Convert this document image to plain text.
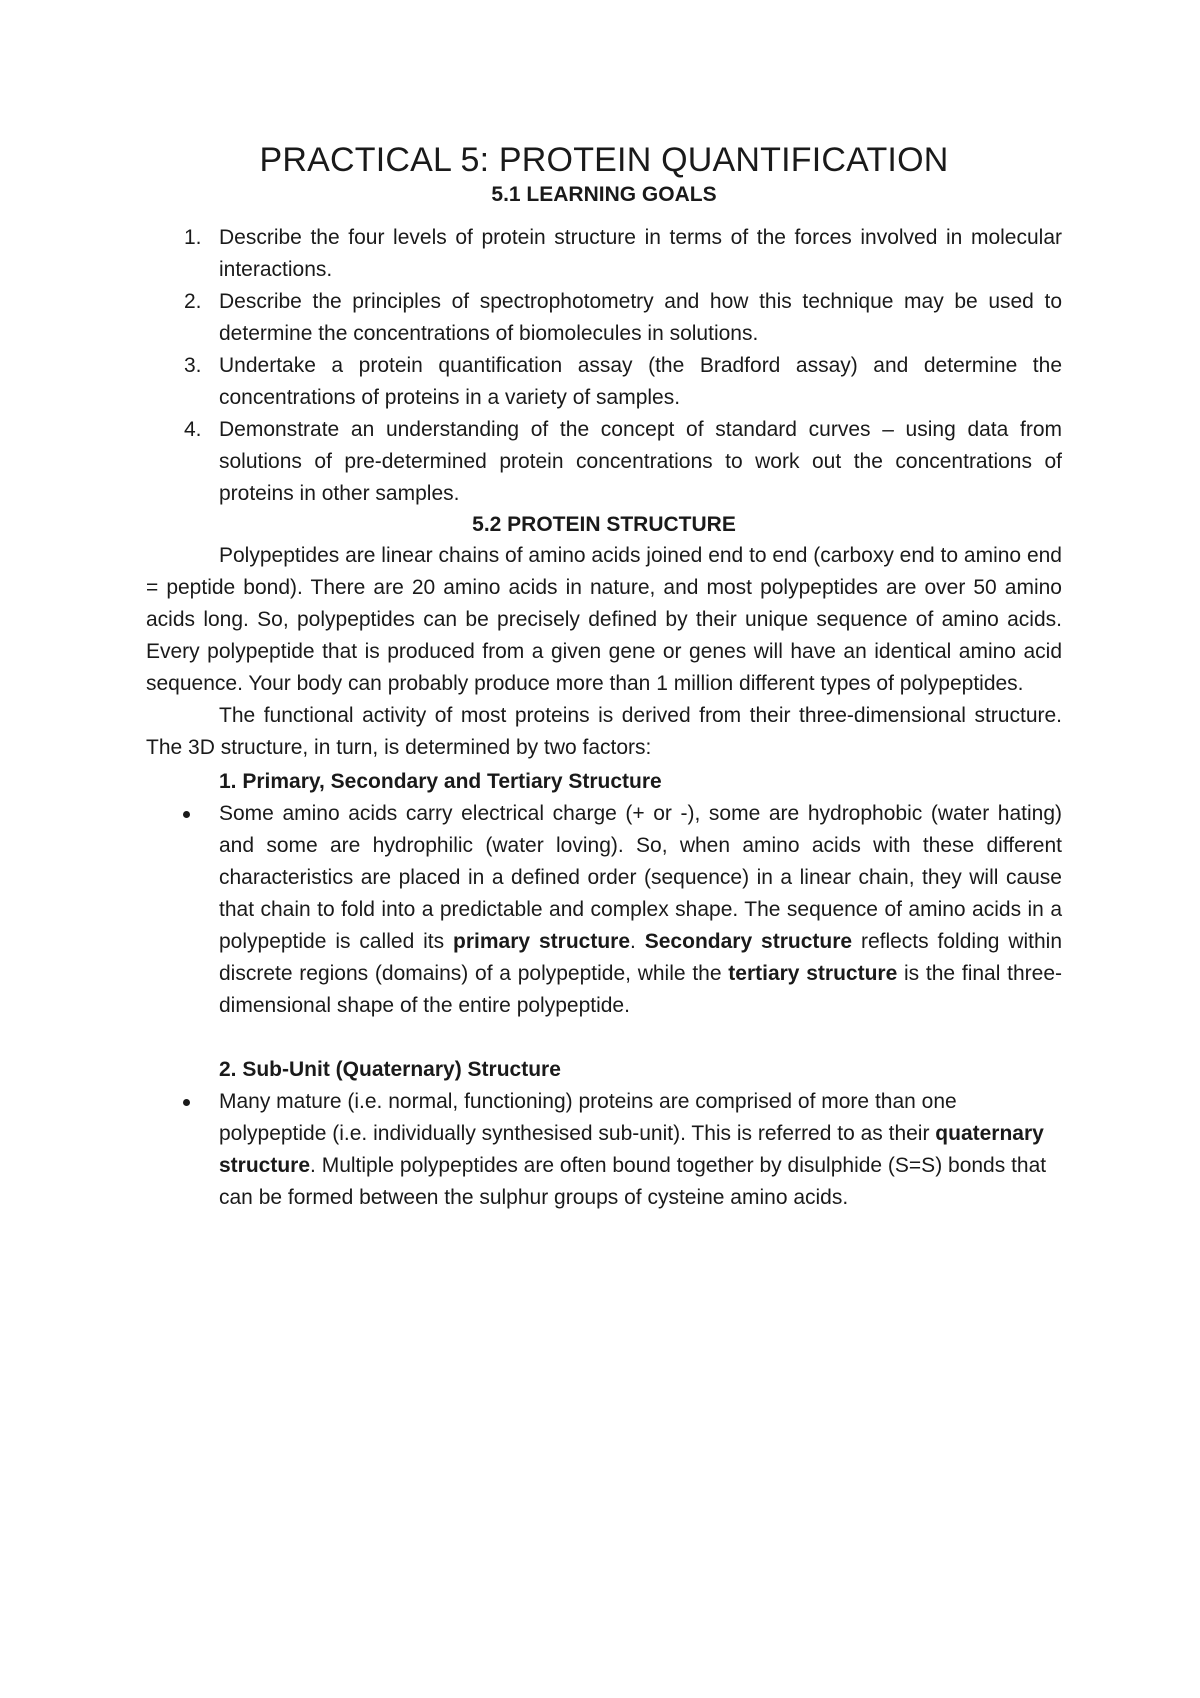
PRACTICAL 5: PROTEIN QUANTIFICATION
5.1 LEARNING GOALS
1. Describe the four levels of protein structure in terms of the forces involved in molecular interactions.
2. Describe the principles of spectrophotometry and how this technique may be used to determine the concentrations of biomolecules in solutions.
3. Undertake a protein quantification assay (the Bradford assay) and determine the concentrations of proteins in a variety of samples.
4. Demonstrate an understanding of the concept of standard curves – using data from solutions of pre-determined protein concentrations to work out the concentrations of proteins in other samples.
5.2 PROTEIN STRUCTURE

Polypeptides are linear chains of amino acids joined end to end (carboxy end to amino end = peptide bond). There are 20 amino acids in nature, and most polypeptides are over 50 amino acids long. So, polypeptides can be precisely defined by their unique sequence of amino acids. Every polypeptide that is produced from a given gene or genes will have an identical amino acid sequence. Your body can probably produce more than 1 million different types of polypeptides.

The functional activity of most proteins is derived from their three-dimensional structure. The 3D structure, in turn, is determined by two factors:

1. Primary, Secondary and Tertiary Structure
Some amino acids carry electrical charge (+ or -), some are hydrophobic (water hating) and some are hydrophilic (water loving). So, when amino acids with these different characteristics are placed in a defined order (sequence) in a linear chain, they will cause that chain to fold into a predictable and complex shape. The sequence of amino acids in a polypeptide is called its primary structure. Secondary structure reflects folding within discrete regions (domains) of a polypeptide, while the tertiary structure is the final three-dimensional shape of the entire polypeptide.
2. Sub-Unit (Quaternary) Structure
Many mature (i.e. normal, functioning) proteins are comprised of more than one polypeptide (i.e. individually synthesised sub-unit). This is referred to as their quaternary structure. Multiple polypeptides are often bound together by disulphide (S=S) bonds that can be formed between the sulphur groups of cysteine amino acids.
